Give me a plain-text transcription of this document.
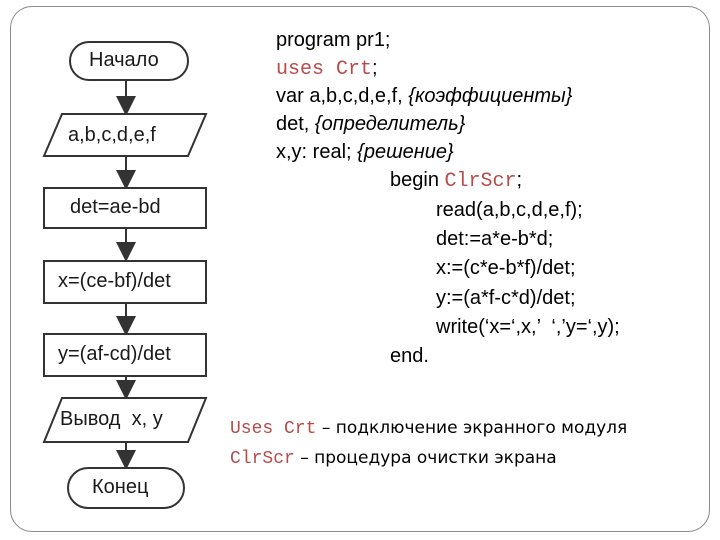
Начало
a,b,c,d,e,f
det=ae-bd
x=(ce-bf)/det
y=(af-cd)/det
Вывод  x, y
Конец
program pr1;
uses Crt;
var a,b,c,d,e,f, {коэффициенты}
det, {определитель}
x,y: real; {решение}
begin ClrScr;
read(a,b,c,d,e,f);
det:=a*e-b*d;
x:=(c*e-b*f)/det;
y:=(a*f-c*d)/det;
write(‘x=‘,x,’  ‘,’y=‘,y);
end.
Uses Crt – подключение экранного модуля
ClrScr – процедура очистки экрана
